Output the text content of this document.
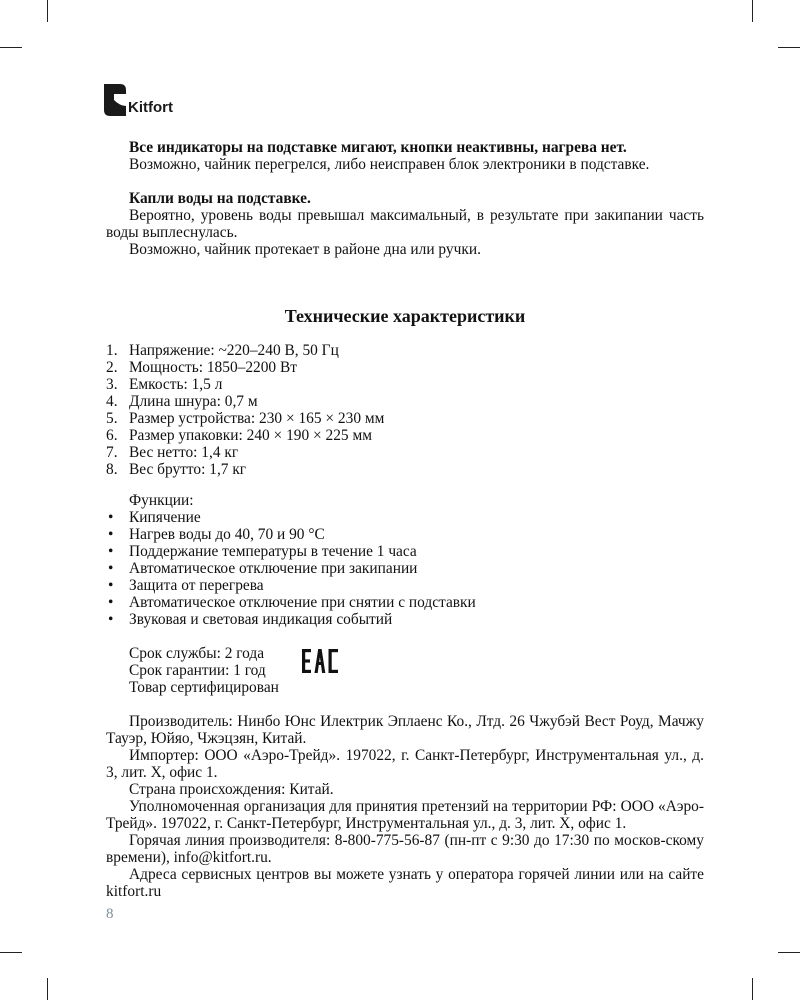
Kitfort

Все индикаторы на подставке мигают, кнопки неактивны, нагрева нет.

Возможно, чайник перегрелся, либо неисправен блок электроники в подставке.

Капли воды на подставке.

Вероятно, уровень воды превышал максимальный, в результате при закипании часть воды выплеснулась.

Возможно, чайник протекает в районе дна или ручки.

Технические характеристики
1. Напряжение: ~220–240 В, 50 Гц
2. Мощность: 1850–2200 Вт
3. Емкость: 1,5 л
4. Длина шнура: 0,7 м
5. Размер устройства: 230 × 165 × 230 мм
6. Размер упаковки: 240 × 190 × 225 мм
7. Вес нетто: 1,4 кг
8. Вес брутто: 1,7 кг
Функции:
•	Кипячение
•	Нагрев воды до 40, 70 и 90 °C
•	Поддержание температуры в течение 1 часа
•	Автоматическое отключение при закипании
•	Защита от перегрева
•	Автоматическое отключение при снятии с подставки
•	Звуковая и световая индикация событий
Срок службы: 2 года
Срок гарантии: 1 год
Товар сертифицирован

Производитель: Нинбо Юнс Илектрик Эплаенс Ко., Лтд. 26 Чжубэй Вест Роуд, Мачжу Тауэр, Юйяо, Чжэцзян, Китай.

Импортер: ООО «Аэро-Трейд». 197022, г. Санкт-Петербург, Инструментальная ул., д. 3, лит. Х, офис 1.

Страна происхождения: Китай.

Уполномоченная организация для принятия претензий на территории РФ: ООО «Аэро-Трейд». 197022, г. Санкт-Петербург, Инструментальная ул., д. 3, лит. Х, офис 1.

Горячая линия производителя: 8-800-775-56-87 (пн-пт с 9:30 до 17:30 по москов-скому времени), info@kitfort.ru.

Адреса сервисных центров вы можете узнать у оператора горячей линии или на сайте kitfort.ru

8
